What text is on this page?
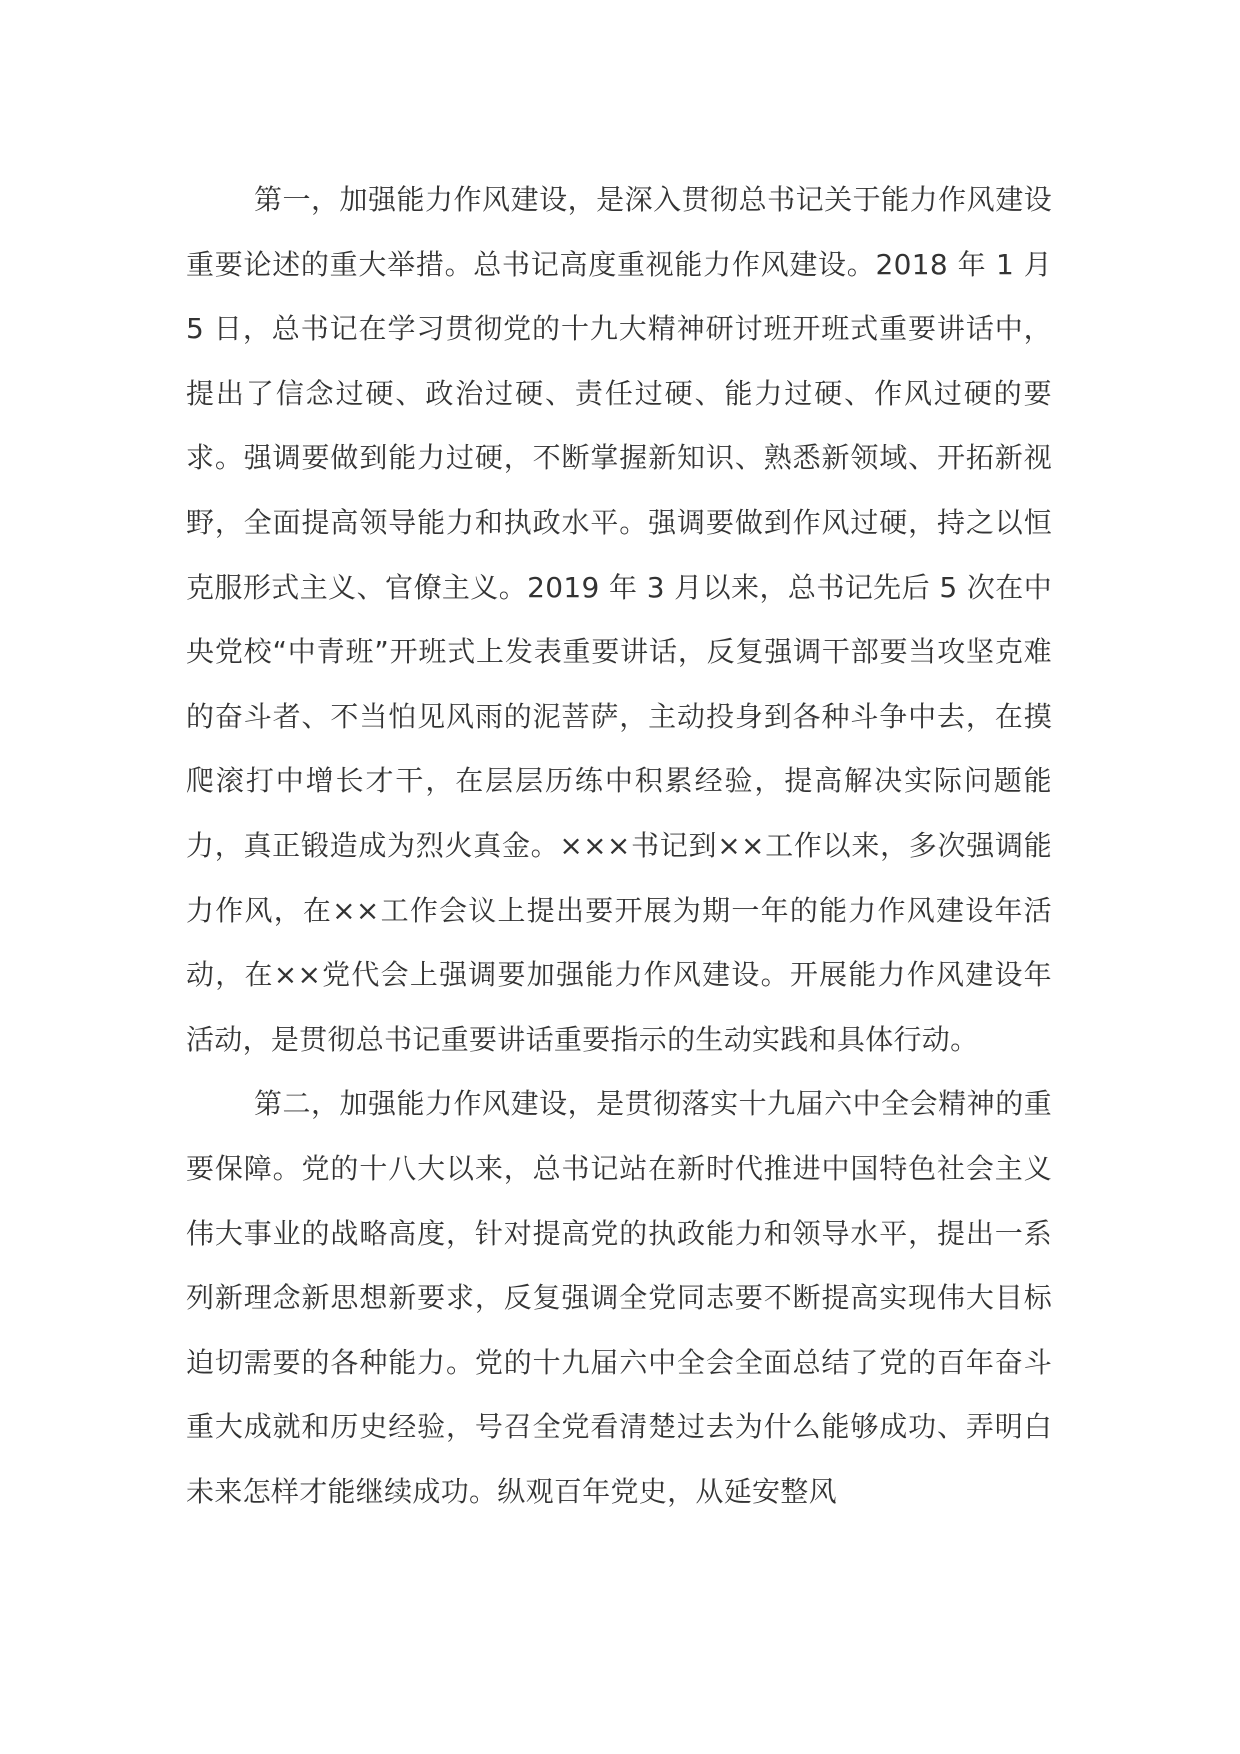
第一，加强能力作风建设，是深入贯彻总书记关于能力作风建设重要论述的重大举措。总书记高度重视能力作风建设。2018 年 1 月 5 日，总书记在学习贯彻党的十九大精神研讨班开班式重要讲话中，提出了信念过硬、政治过硬、责任过硬、能力过硬、作风过硬的要求。强调要做到能力过硬，不断掌握新知识、熟悉新领域、开拓新视野，全面提高领导能力和执政水平。强调要做到作风过硬，持之以恒克服形式主义、官僚主义。2019 年 3 月以来，总书记先后 5 次在中央党校“中青班”开班式上发表重要讲话，反复强调干部要当攻坚克难的奋斗者、不当怕见风雨的泥菩萨，主动投身到各种斗争中去，在摸爬滚打中增长才干，在层层历练中积累经验，提高解决实际问题能力，真正锻造成为烈火真金。×××书记到××工作以来，多次强调能力作风，在××工作会议上提出要开展为期一年的能力作风建设年活动，在××党代会上强调要加强能力作风建设。开展能力作风建设年活动，是贯彻总书记重要讲话重要指示的生动实践和具体行动。

第二，加强能力作风建设，是贯彻落实十九届六中全会精神的重要保障。党的十八大以来，总书记站在新时代推进中国特色社会主义伟大事业的战略高度，针对提高党的执政能力和领导水平，提出一系列新理念新思想新要求，反复强调全党同志要不断提高实现伟大目标迫切需要的各种能力。党的十九届六中全会全面总结了党的百年奋斗重大成就和历史经验，号召全党看清楚过去为什么能够成功、弄明白未来怎样才能继续成功。纵观百年党史，从延安整风
